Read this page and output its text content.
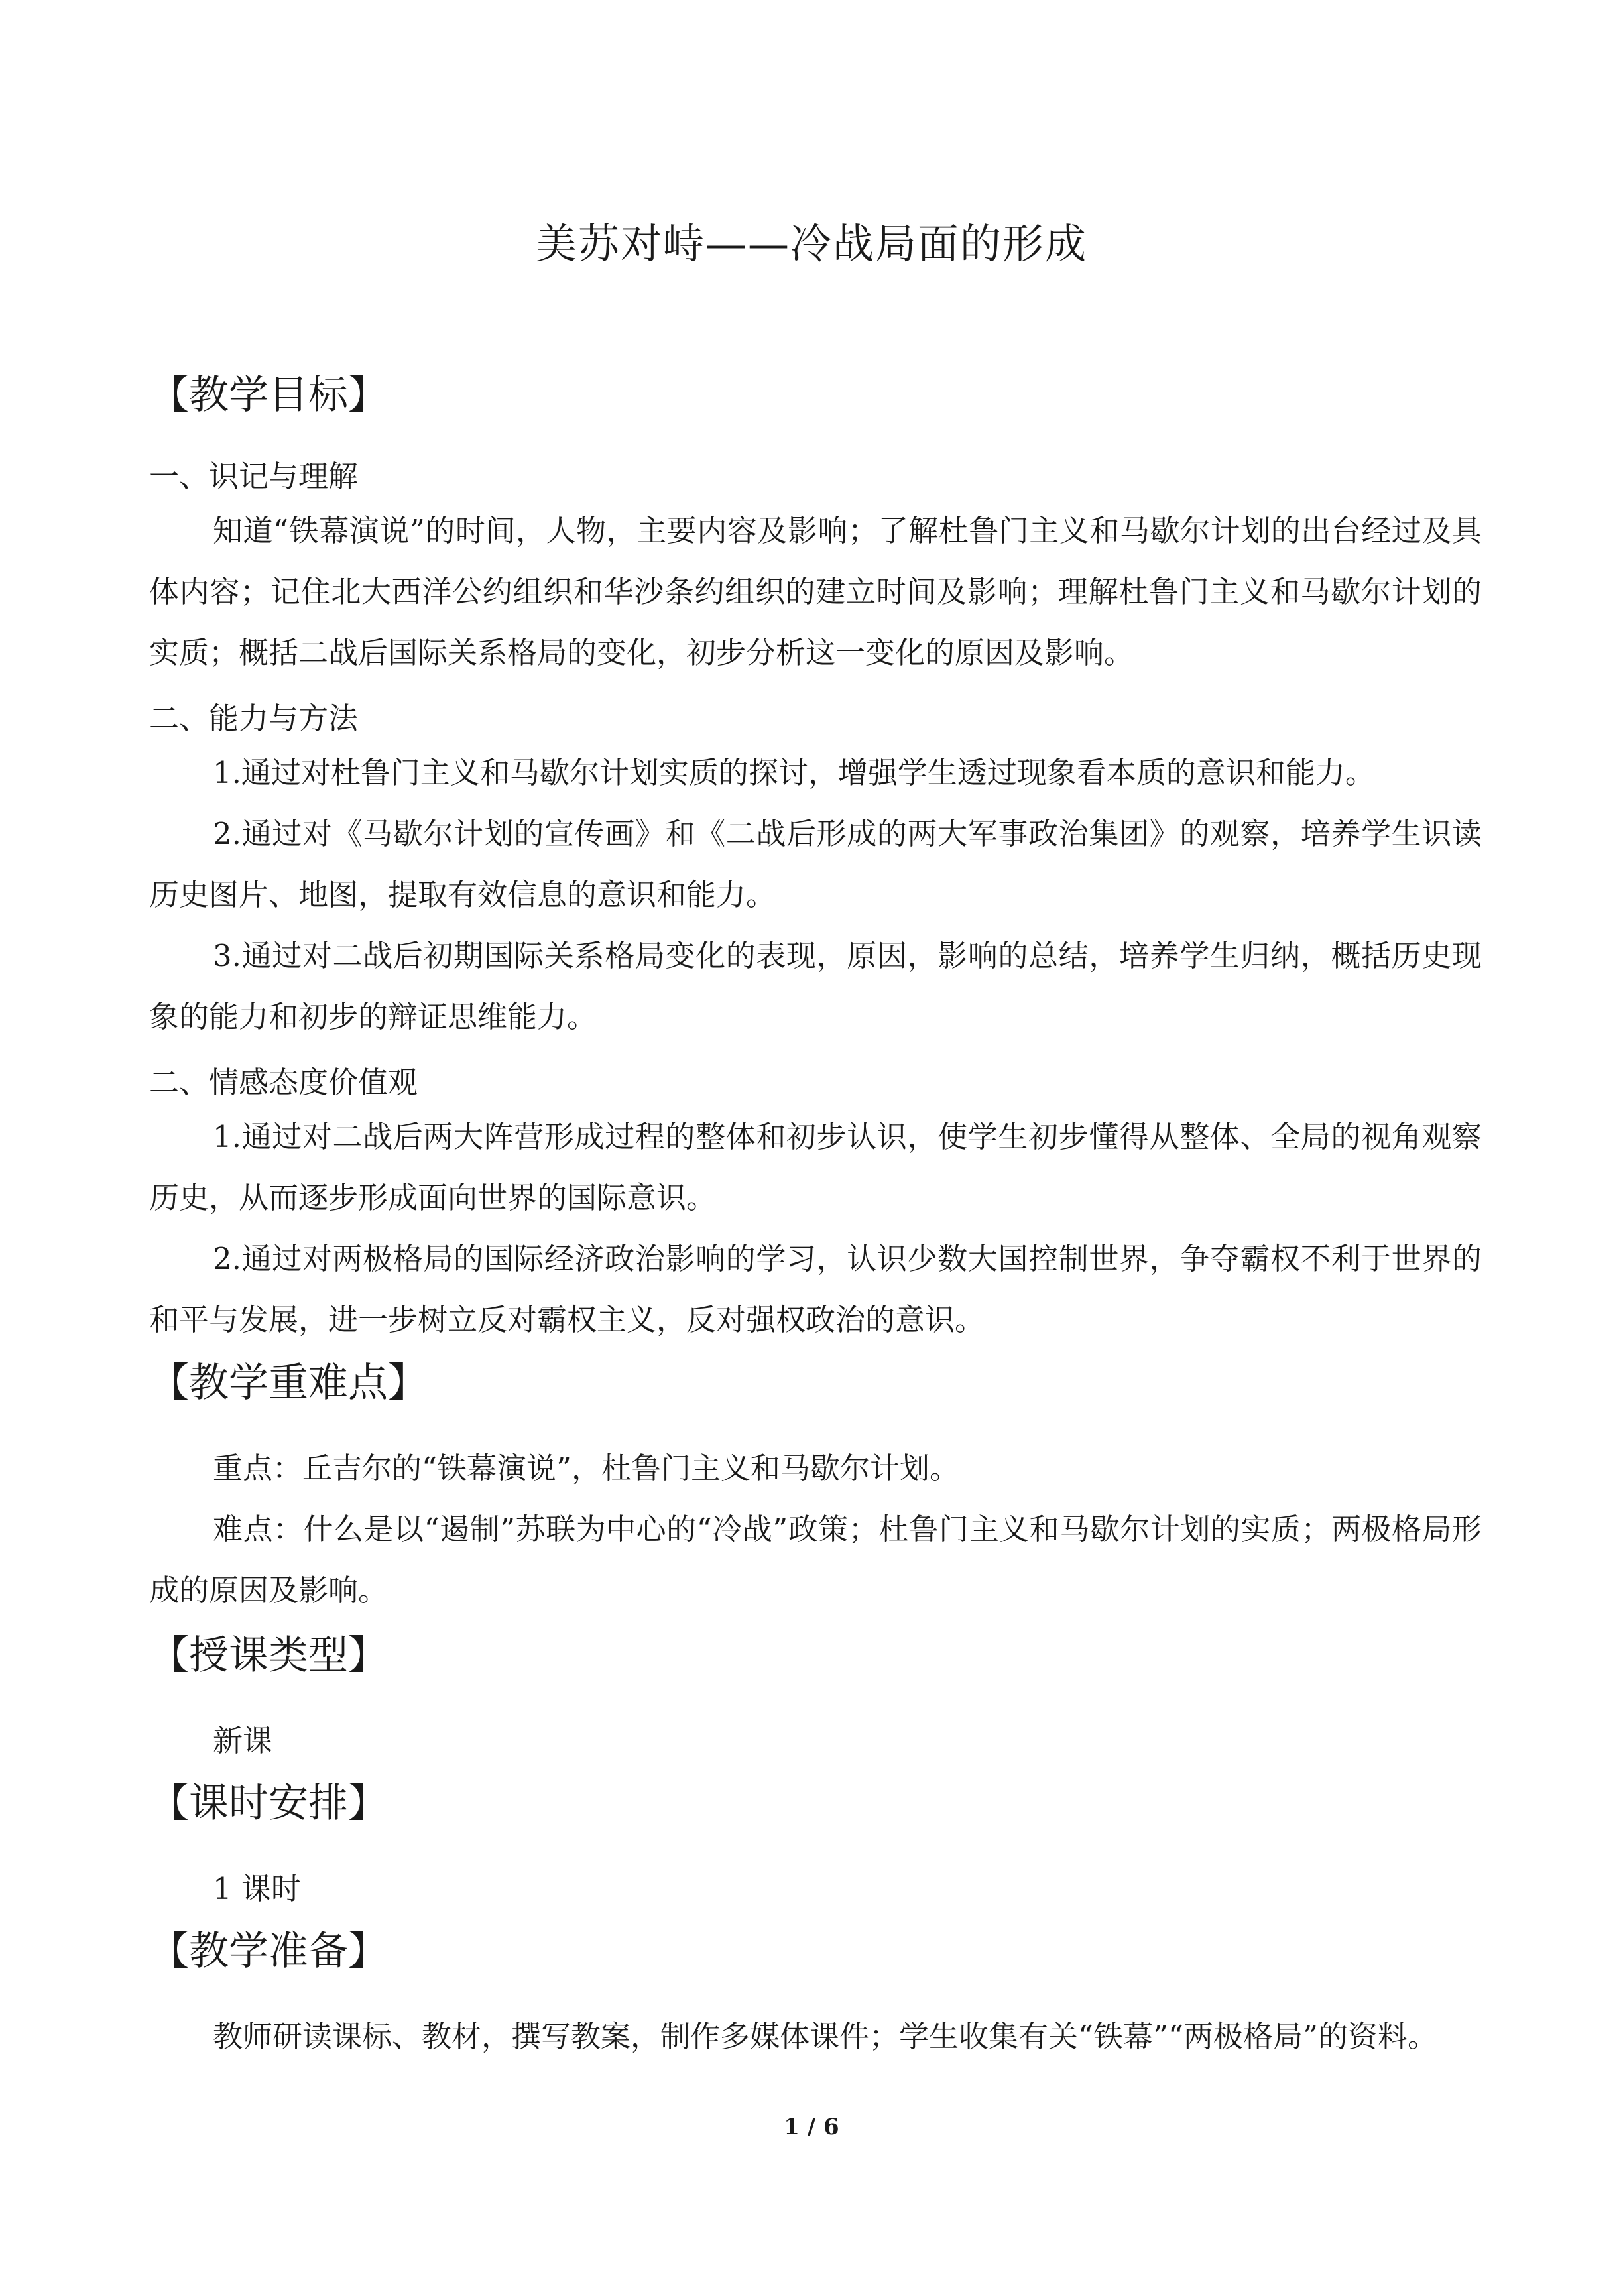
美苏对峙——冷战局面的形成
【教学目标】
一、识记与理解

知道“铁幕演说”的时间，人物，主要内容及影响；了解杜鲁门主义和马歇尔计划的出台经过及具体内容；记住北大西洋公约组织和华沙条约组织的建立时间及影响；理解杜鲁门主义和马歇尔计划的实质；概括二战后国际关系格局的变化，初步分析这一变化的原因及影响。

二、能力与方法

1.通过对杜鲁门主义和马歇尔计划实质的探讨，增强学生透过现象看本质的意识和能力。

2.通过对《马歇尔计划的宣传画》和《二战后形成的两大军事政治集团》的观察，培养学生识读历史图片、地图，提取有效信息的意识和能力。

3.通过对二战后初期国际关系格局变化的表现，原因，影响的总结，培养学生归纳，概括历史现象的能力和初步的辩证思维能力。

二、情感态度价值观

1.通过对二战后两大阵营形成过程的整体和初步认识，使学生初步懂得从整体、全局的视角观察历史，从而逐步形成面向世界的国际意识。

2.通过对两极格局的国际经济政治影响的学习，认识少数大国控制世界，争夺霸权不利于世界的和平与发展，进一步树立反对霸权主义，反对强权政治的意识。

【教学重难点】

重点：丘吉尔的“铁幕演说”，杜鲁门主义和马歇尔计划。

难点：什么是以“遏制”苏联为中心的“冷战”政策；杜鲁门主义和马歇尔计划的实质；两极格局形成的原因及影响。

【授课类型】

新课

【课时安排】

1 课时

【教学准备】

教师研读课标、教材，撰写教案，制作多媒体课件；学生收集有关“铁幕”“两极格局”的资料。

1 / 6
